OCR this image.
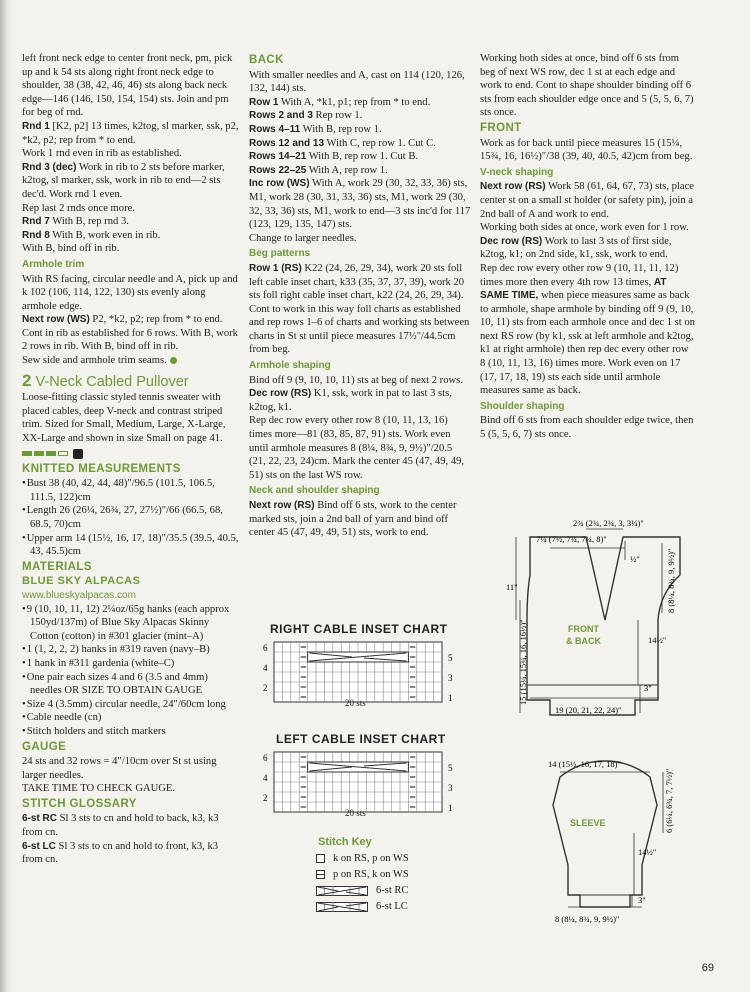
left front neck edge to center front neck, pm, pick up and k 54 sts along right front neck edge to shoulder, 38 (38, 42, 46, 46) sts along back neck edge—146 (146, 150, 154, 154) sts. Join and pm for beg of rnd.

Rnd 1 [K2, p2] 13 times, k2tog, sl marker, ssk, p2, *k2, p2; rep from * to end.

Work 1 rnd even in rib as established.

Rnd 3 (dec) Work in rib to 2 sts before marker, k2tog, sl marker, ssk, work in rib to end—2 sts dec'd. Work rnd 1 even.

Rep last 2 rnds once more.

Rnd 7 With B, rep rnd 3.

Rnd 8 With B, work even in rib.

With B, bind off in rib.

Armhole trim

With RS facing, circular needle and A, pick up and k 102 (106, 114, 122, 130) sts evenly along armhole edge.

Next row (WS) P2, *k2, p2; rep from * to end. Cont in rib as established for 6 rows. With B, work 2 rows in rib. With B, bind off in rib.

Sew side and armhole trim seams.

2 V-Neck Cabled Pullover

Loose-fitting classic styled tennis sweater with placed cables, deep V-neck and contrast striped trim. Sized for Small, Medium, Large, X-Large, XX-Large and shown in size Small on page 41.

KNITTED MEASUREMENTS
• Bust 38 (40, 42, 44, 48)"/96.5 (101.5, 106.5, 111.5, 122)cm
• Length 26 (26¼, 26¾, 27, 27½)"/66 (66.5, 68, 68.5, 70)cm
• Upper arm 14 (15½, 16, 17, 18)"/35.5 (39.5, 40.5, 43, 45.5)cm
MATERIALS
BLUE SKY ALPACAS
www.blueskyalpacas.com
• 9 (10, 10, 11, 12) 2¼oz/65g hanks (each approx 150yd/137m) of Blue Sky Alpacas Skinny Cotton (cotton) in #301 glacier (mint–A)
• 1 (1, 2, 2, 2) hanks in #319 raven (navy–B)
• 1 hank in #311 gardenia (white–C)
• One pair each sizes 4 and 6 (3.5 and 4mm) needles OR SIZE TO OBTAIN GAUGE
• Size 4 (3.5mm) circular needle, 24"/60cm long
• Cable needle (cn)
• Stitch holders and stitch markers
GAUGE

24 sts and 32 rows = 4"/10cm over St st using larger needles.

TAKE TIME TO CHECK GAUGE.

STITCH GLOSSARY

6-st RC Sl 3 sts to cn and hold to back, k3, k3 from cn.

6-st LC Sl 3 sts to cn and hold to front, k3, k3 from cn.

BACK

With smaller needles and A, cast on 114 (120, 126, 132, 144) sts.

Row 1 With A, *k1, p1; rep from * to end.

Rows 2 and 3 Rep row 1.

Rows 4–11 With B, rep row 1.

Rows 12 and 13 With C, rep row 1. Cut C.

Rows 14–21 With B, rep row 1. Cut B.

Rows 22–25 With A, rep row 1.

Inc row (WS) With A, work 29 (30, 32, 33, 36) sts, M1, work 28 (30, 31, 33, 36) sts, M1, work 29 (30, 32, 33, 36) sts, M1, work to end—3 sts inc'd for 117 (123, 129, 135, 147) sts.

Change to larger needles.

Beg patterns

Row 1 (RS) K22 (24, 26, 29, 34), work 20 sts foll left cable inset chart, k33 (35, 37, 37, 39), work 20 sts foll right cable inset chart, k22 (24, 26, 29, 34).

Cont to work in this way foll charts as established and rep rows 1–6 of charts and working sts between charts in St st until piece measures 17½"/44.5cm from beg.

Armhole shaping

Bind off 9 (9, 10, 10, 11) sts at beg of next 2 rows.

Dec row (RS) K1, ssk, work in pat to last 3 sts, k2tog, k1.

Rep dec row every other row 8 (10, 11, 13, 16) times more—81 (83, 85, 87, 91) sts. Work even until armhole measures 8 (8¼, 8¾, 9, 9½)"/20.5 (21, 22, 23, 24)cm. Mark the center 45 (47, 49, 49, 51) sts on the last WS row.

Neck and shoulder shaping

Next row (RS) Bind off 6 sts, work to the center marked sts, join a 2nd ball of yarn and bind off center 45 (47, 49, 49, 51) sts, work to end.

Working both sides at once, bind off 6 sts from beg of next WS row, dec 1 st at each edge and work to end. Cont to shape shoulder binding off 6 sts from each shoulder edge once and 5 (5, 5, 6, 7) sts once.

FRONT

Work as for back until piece measures 15 (15¼, 15¾, 16, 16½)"/38 (39, 40, 40.5, 42)cm from beg.

V-neck shaping

Next row (RS) Work 58 (61, 64, 67, 73) sts, place center st on a small st holder (or safety pin), join a 2nd ball of A and work to end.

Working both sides at once, work even for 1 row.

Dec row (RS) Work to last 3 sts of first side, k2tog, k1; on 2nd side, k1, ssk, work to end.

Rep dec row every other row 9 (10, 11, 11, 12) times more then every 4th row 13 times, AT SAME TIME, when piece measures same as back to armhole, shape armhole by binding off 9 (9, 10, 10, 11) sts from each armhole once and dec 1 st on next RS row (by k1, ssk at left armhole and k2tog, k1 at right armhole) then rep dec every other row 8 (10, 11, 13, 16) times more. Work even on 17 (17, 17, 18, 19) sts each side until armhole measures same as back.

Shoulder shaping

Bind off 6 sts from each shoulder edge twice, then 5 (5, 5, 6, 7) sts once.

RIGHT CABLE INSET CHART
6
4
2
5
3
1
20 sts
LEFT CABLE INSET CHART
6
4
2
5
3
1
20 sts
Stitch Key
k on RS, p on WS
p on RS, k on WS
6-st RC
6-st LC
2¾ (2¾, 2¾, 3, 3¼)"
7¼ (7½, 7¾, 7¾, 8)"
½"
11"	8 (8¼, 8¾, 9, 9½)"
15 (15¼, 15¾, 16, 16½)"	FRONT
& BACK	14½"
3"
19 (20, 21, 22, 24)"
14 (15½, 16, 17, 18)"
6 (6¼, 6¾, 7, 7½)"
SLEEVE
14½"
3"
8 (8¼, 8¾, 9, 9½)"
69
